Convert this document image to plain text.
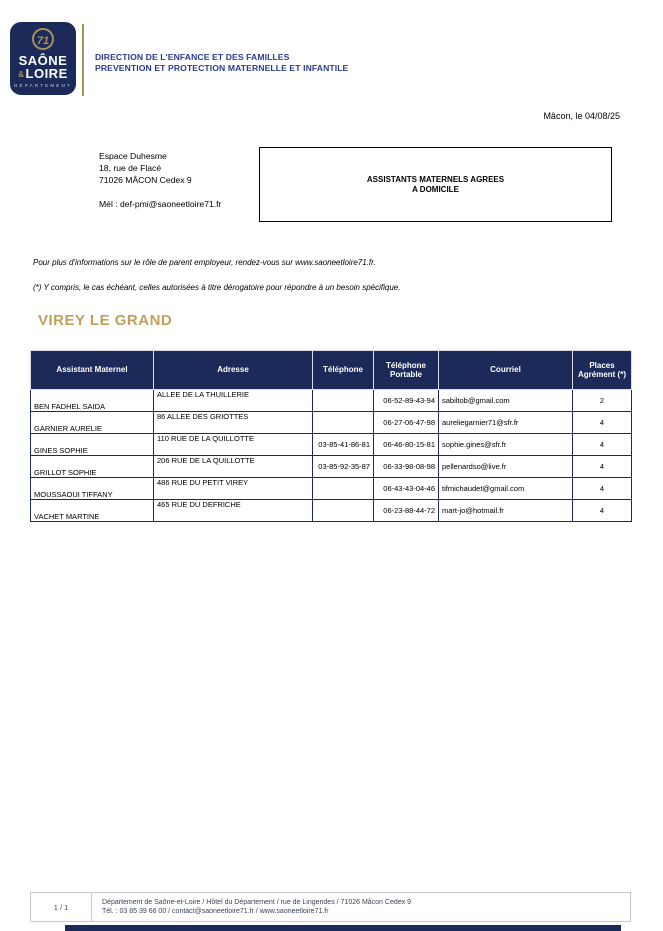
71
SAÔNE
&LOIRE
DÉPARTEMENT
DIRECTION DE L'ENFANCE ET DES FAMILLES
PREVENTION ET PROTECTION MATERNELLE ET INFANTILE
Mâcon, le 04/08/25
Espace Duhesme
18, rue de Flacé
71026 MÂCON Cedex 9
Mél : def-pmi@saoneetloire71.fr
ASSISTANTS MATERNELS AGREES
A DOMICILE
Pour plus d'informations sur le rôle de parent employeur, rendez-vous sur www.saoneetloire71.fr.
(*) Y compris, le cas échéant, celles autorisées à titre dérogatoire pour répondre à un besoin spécifique.
VIREY LE GRAND
Assistant Maternel	Adresse	Téléphone	Téléphone Portable	Courriel	Places Agrément (*)
BEN FADHEL SAIDA	ALLEE DE LA THUILLERIE		06-52-89-43-94	sabiltob@gmail.com	2
GARNIER AURELIE	86 ALLEE DES GRIOTTES		06-27-06-47-98	aureliegarnier71@sfr.fr	4
GINES SOPHIE	110 RUE DE LA QUILLOTTE	03-85-41-86-81	06-46-80-15-81	sophie.gines@sfr.fr	4
GRILLOT SOPHIE	206 RUE DE LA QUILLOTTE	03-85-92-35-87	06-33-98-08-98	pellenardso@live.fr	4
MOUSSAOUI TIFFANY	486 RUE DU PETIT VIREY		06-43-43-04-46	tifmichaudet@gmail.com	4
VACHET MARTINE	465 RUE DU DEFRICHE		06-23-88-44-72	mart-jo@hotmail.fr	4
1 / 1
Département de Saône-et-Loire / Hôtel du Département / rue de Lingendes / 71026 Mâcon Cedex 9
Tél. : 03 85 39 66 00 / contact@saoneetloire71.fr / www.saoneetloire71.fr
